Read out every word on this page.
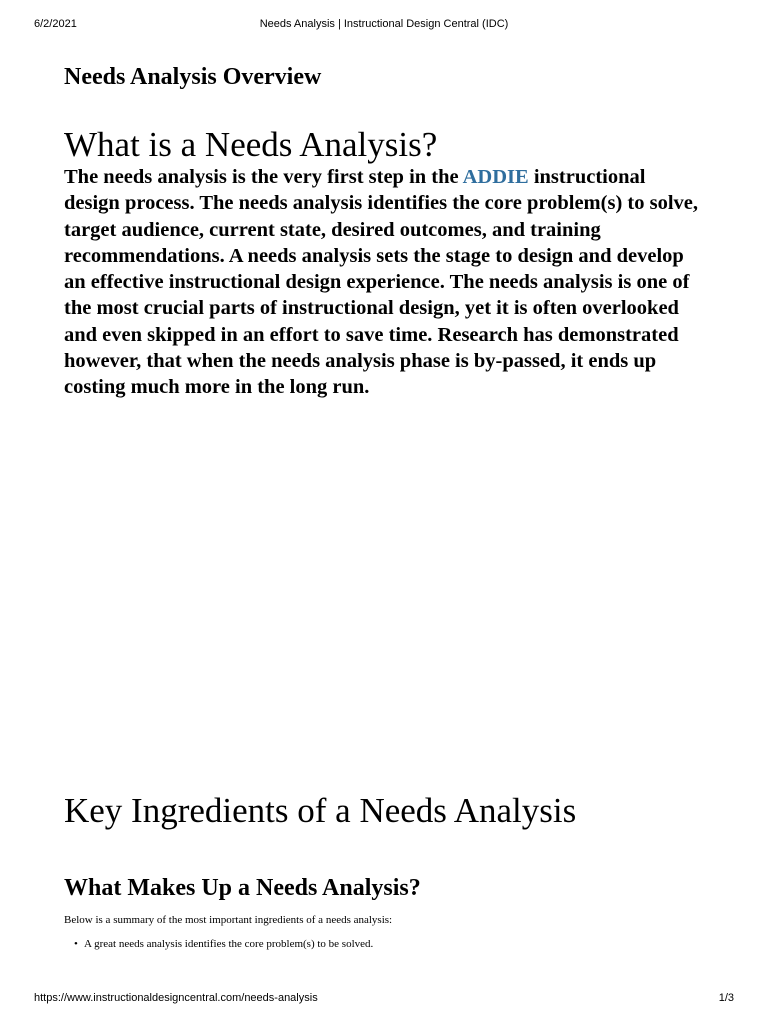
6/2/2021	Needs Analysis | Instructional Design Central (IDC)
Needs Analysis Overview
What is a Needs Analysis?

The needs analysis is the very first step in the ADDIE instructional design process. The needs analysis identifies the core problem(s) to solve, target audience, current state, desired outcomes, and training recommendations. A needs analysis sets the stage to design and develop an effective instructional design experience. The needs analysis is one of the most crucial parts of instructional design, yet it is often overlooked and even skipped in an effort to save time. Research has demonstrated however, that when the needs analysis phase is by-passed, it ends up costing much more in the long run.

Key Ingredients of a Needs Analysis
What Makes Up a Needs Analysis?

Below is a summary of the most important ingredients of a needs analysis:

• A great needs analysis identifies the core problem(s) to be solved.
https://www.instructionaldesigncentral.com/needs-analysis	1/3
